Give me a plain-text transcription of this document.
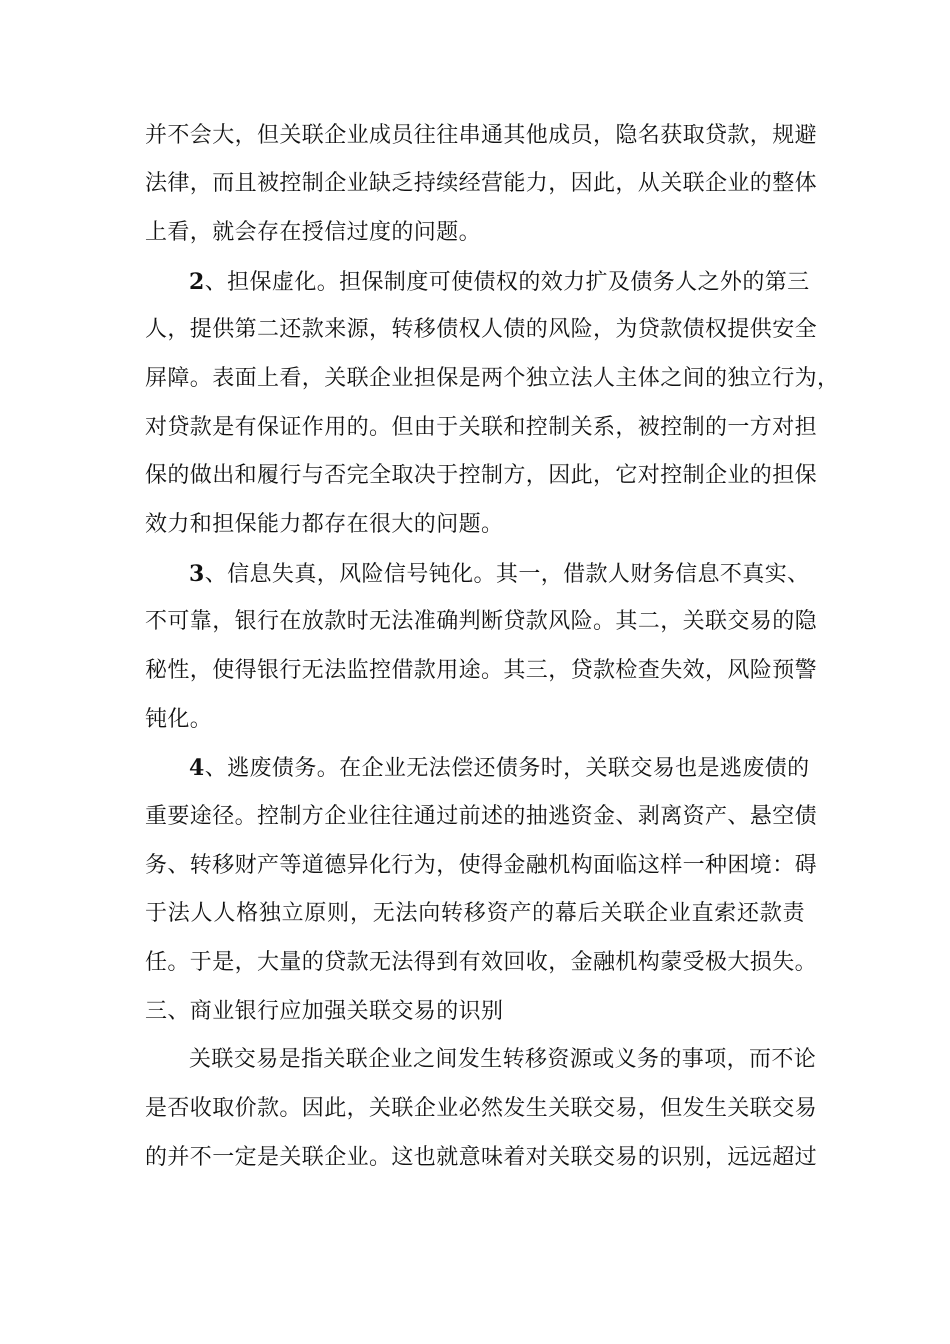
并不会大，但关联企业成员往往串通其他成员，隐名获取贷款，规避
法律，而且被控制企业缺乏持续经营能力，因此，从关联企业的整体
上看，就会存在授信过度的问题。
2、担保虚化。担保制度可使债权的效力扩及债务人之外的第三
人，提供第二还款来源，转移债权人债的风险，为贷款债权提供安全
屏障。表面上看，关联企业担保是两个独立法人主体之间的独立行为，
对贷款是有保证作用的。但由于关联和控制关系，被控制的一方对担
保的做出和履行与否完全取决于控制方，因此，它对控制企业的担保
效力和担保能力都存在很大的问题。
3、信息失真，风险信号钝化。其一，借款人财务信息不真实、
不可靠，银行在放款时无法准确判断贷款风险。其二，关联交易的隐
秘性，使得银行无法监控借款用途。其三，贷款检查失效，风险预警
钝化。
4、逃废债务。在企业无法偿还债务时，关联交易也是逃废债的
重要途径。控制方企业往往通过前述的抽逃资金、剥离资产、悬空债
务、转移财产等道德异化行为，使得金融机构面临这样一种困境：碍
于法人人格独立原则，无法向转移资产的幕后关联企业直索还款责
任。于是，大量的贷款无法得到有效回收，金融机构蒙受极大损失。
三、商业银行应加强关联交易的识别
关联交易是指关联企业之间发生转移资源或义务的事项，而不论
是否收取价款。因此，关联企业必然发生关联交易，但发生关联交易
的并不一定是关联企业。这也就意味着对关联交易的识别，远远超过
